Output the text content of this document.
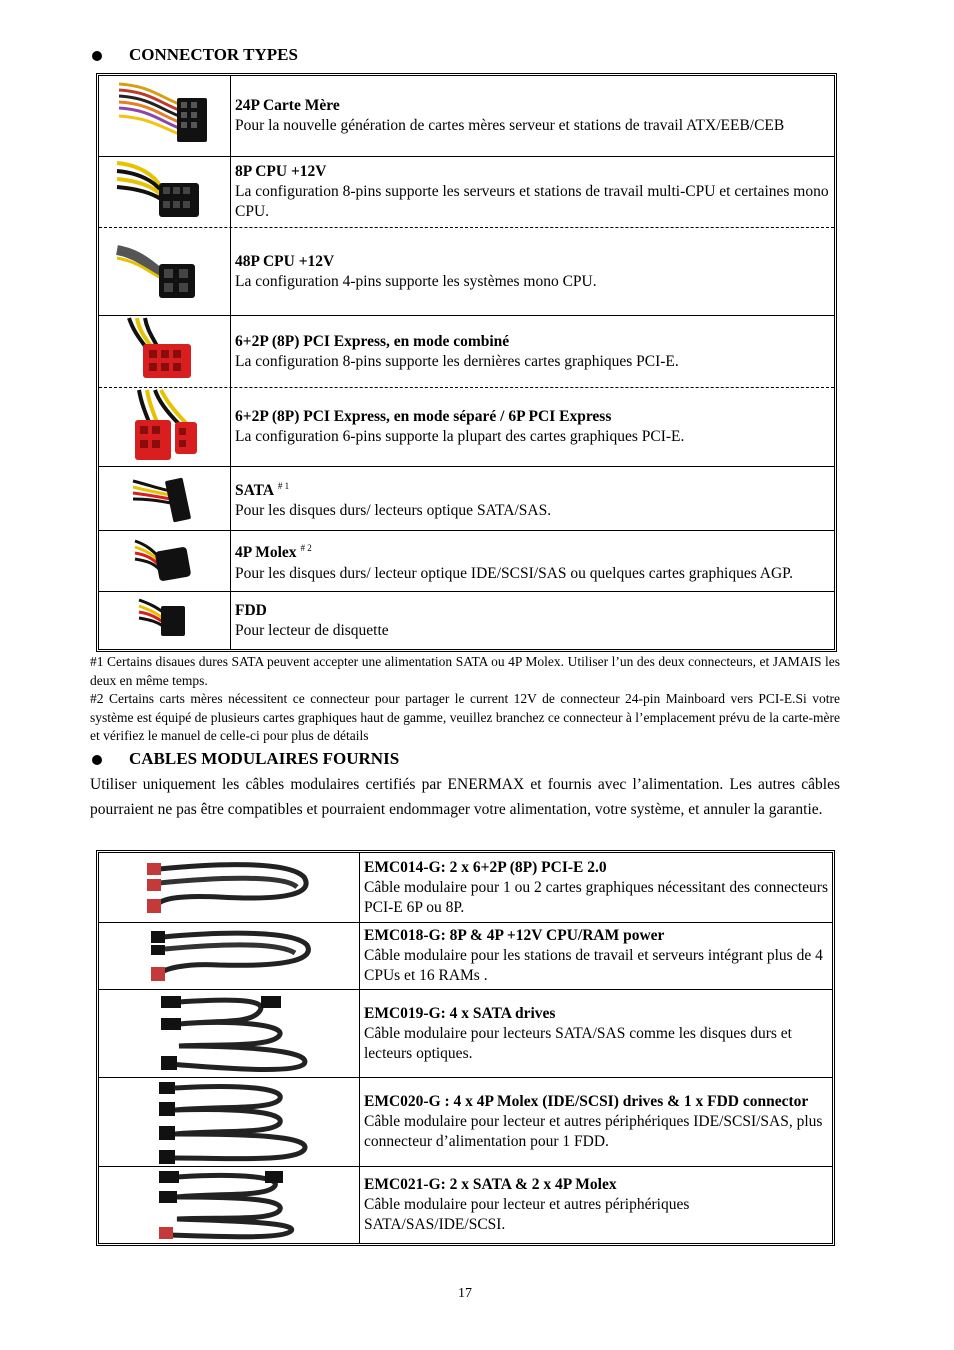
CONNECTOR TYPES
24P Carte Mère
Pour la nouvelle génération de cartes mères serveur et stations de travail ATX/EEB/CEB
8P CPU +12V
La configuration 8-pins supporte les serveurs et stations de travail multi-CPU et certaines mono CPU.
48P CPU +12V
La configuration 4-pins supporte les systèmes mono CPU.
6+2P (8P) PCI Express, en mode combiné
La configuration 8-pins supporte les dernières cartes graphiques PCI-E.
6+2P (8P) PCI Express, en mode séparé / 6P PCI Express
La configuration 6-pins supporte la plupart des cartes graphiques PCI-E.
SATA $^{\# 1}$
Pour les disques durs/ lecteurs optique SATA/SAS.
4P Molex $^{\# 2}$
Pour les disques durs/ lecteur optique IDE/SCSI/SAS ou quelques cartes graphiques AGP.
FDD
Pour lecteur de disquette
#1 Certains disaues dures SATA peuvent accepter une alimentation SATA ou 4P Molex. Utiliser l’un des deux connecteurs, et JAMAIS les deux en même temps.
#2 Certains carts mères nécessitent ce connecteur pour partager le current 12V de connecteur 24-pin Mainboard vers PCI-E.Si votre système est équipé de plusieurs cartes graphiques haut de gamme, veuillez branchez ce connecteur à l’emplacement prévu de la carte-mère et vérifiez le manuel de celle-ci pour plus de détails
CABLES MODULAIRES FOURNIS
Utiliser uniquement les câbles modulaires certifiés par ENERMAX et fournis avec l’alimentation. Les autres câbles pourraient ne pas être compatibles et pourraient endommager votre alimentation, votre système, et annuler la garantie.
EMC014-G: 2 x 6+2P (8P) PCI-E 2.0
Câble modulaire pour 1 ou 2 cartes graphiques nécessitant des connecteurs PCI-E 6P ou 8P.
EMC018-G: 8P & 4P +12V CPU/RAM power
Câble modulaire pour les stations de travail et serveurs intégrant plus de 4 CPUs et 16 RAMs .
EMC019-G: 4 x SATA drives
Câble modulaire pour lecteurs SATA/SAS comme les disques durs et lecteurs optiques.
EMC020-G : 4 x 4P Molex (IDE/SCSI) drives & 1 x FDD connector
Câble modulaire pour lecteur et autres périphériques IDE/SCSI/SAS, plus connecteur d’alimentation pour 1 FDD.
EMC021-G: 2 x SATA & 2 x 4P Molex
Câble modulaire pour lecteur et autres périphériques SATA/SAS/IDE/SCSI.
17
